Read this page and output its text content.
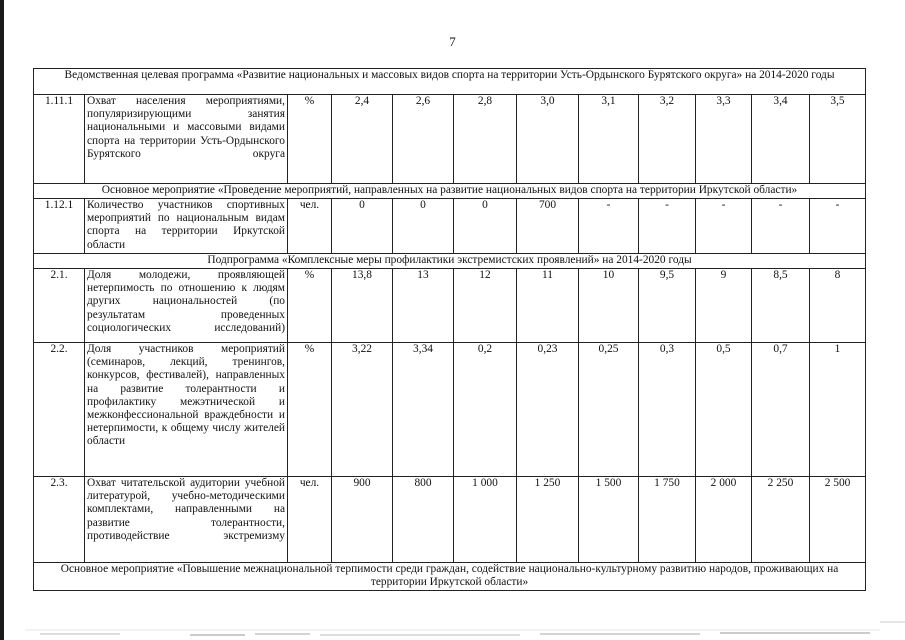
7
Ведомственная целевая программа «Развитие национальных и массовых видов спорта на территории Усть-Ордынского Бурятского округа» на 2014-2020 годы											
1.11.1	Охват населения мероприятиями, популяризирующими занятия национальными и массовыми видами спорта на территории Усть-Ордынского Бурятского округа	%	2,4	2,6	2,8	3,0	3,1	3,2	3,3	3,4	3,5
Основное мероприятие «Проведение мероприятий, направленных на развитие национальных видов спорта на территории Иркутской области»											
1.12.1	Количество участников спортивных мероприятий по национальным видам спорта на территории Иркутской области	чел.	0	0	0	700	-	-	-	-	-
Подпрограмма «Комплексные меры профилактики экстремистских проявлений» на 2014-2020 годы											
2.1.	Доля молодежи, проявляющей нетерпимость по отношению к людям других национальностей (по результатам проведенных социологических исследований)	%	13,8	13	12	11	10	9,5	9	8,5	8
2.2.	Доля участников мероприятий (семинаров, лекций, тренингов, конкурсов, фестивалей), направленных на развитие толерантности и профилактику межэтнической и межконфессиональной враждебности и нетерпимости, к общему числу жителей области	%	3,22	3,34	0,2	0,23	0,25	0,3	0,5	0,7	1
2.3.	Охват читательской аудитории учебной литературой, учебно-методическими комплектами, направленными на развитие толерантности, противодействие экстремизму	чел.	900	800	1 000	1 250	1 500	1 750	2 000	2 250	2 500
Основное мероприятие «Повышение межнациональной терпимости среди граждан, содействие национально-культурному развитию народов, проживающих на территории Иркутской области»											
